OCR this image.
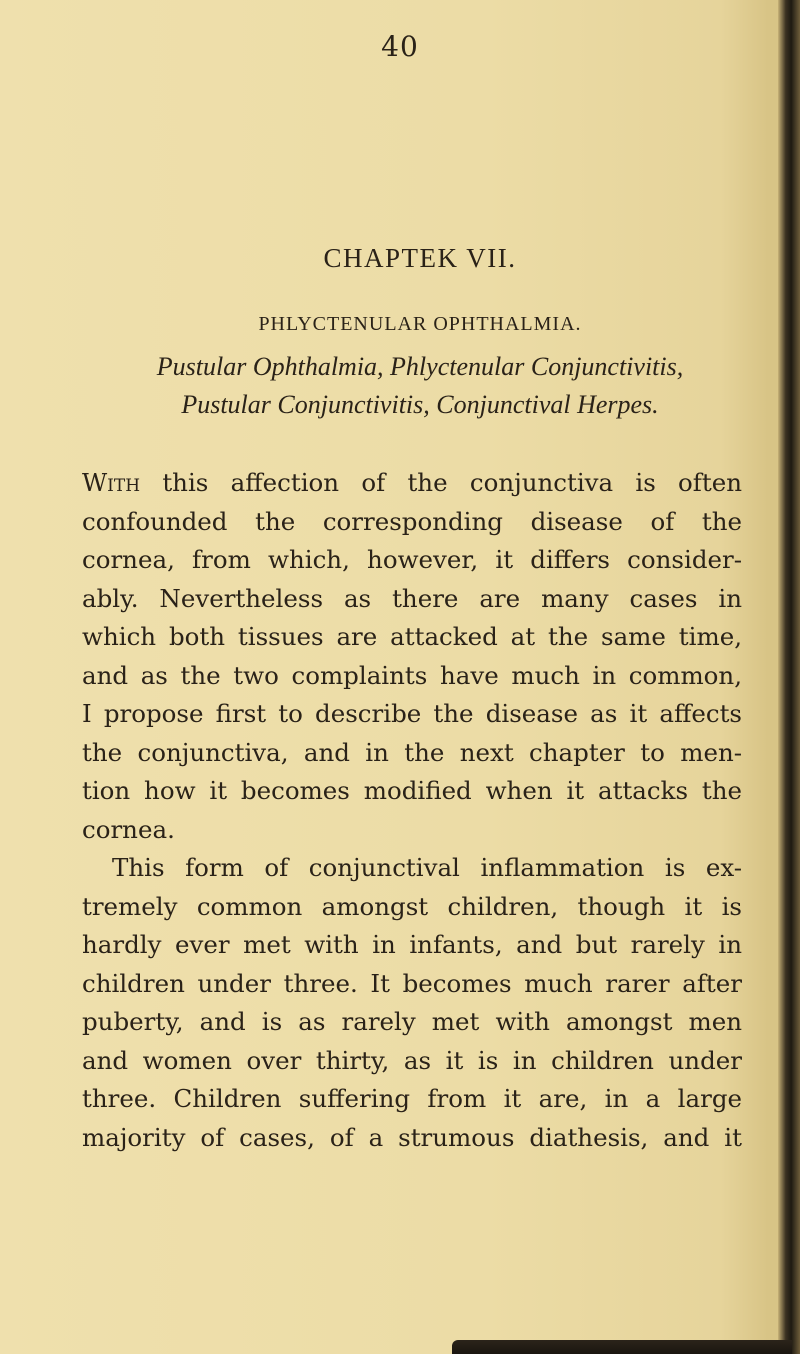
40
CHAPTEK VII.
PHLYCTENULAR OPHTHALMIA.
Pustular Ophthalmia, Phlyctenular Conjunctivitis,
Pustular Conjunctivitis, Conjunctival Herpes.
With this affection of the conjunctiva is often
confounded the corresponding disease of the
cornea, from which, however, it differs consider-
ably. Nevertheless as there are many cases in
which both tissues are attacked at the same time,
and as the two complaints have much in common,
I propose first to describe the disease as it affects
the conjunctiva, and in the next chapter to men-
tion how it becomes modified when it attacks the
cornea.
This form of conjunctival inflammation is ex-
tremely common amongst children, though it is
hardly ever met with in infants, and but rarely in
children under three. It becomes much rarer after
puberty, and is as rarely met with amongst men
and women over thirty, as it is in children under
three. Children suffering from it are, in a large
majority of cases, of a strumous diathesis, and it
